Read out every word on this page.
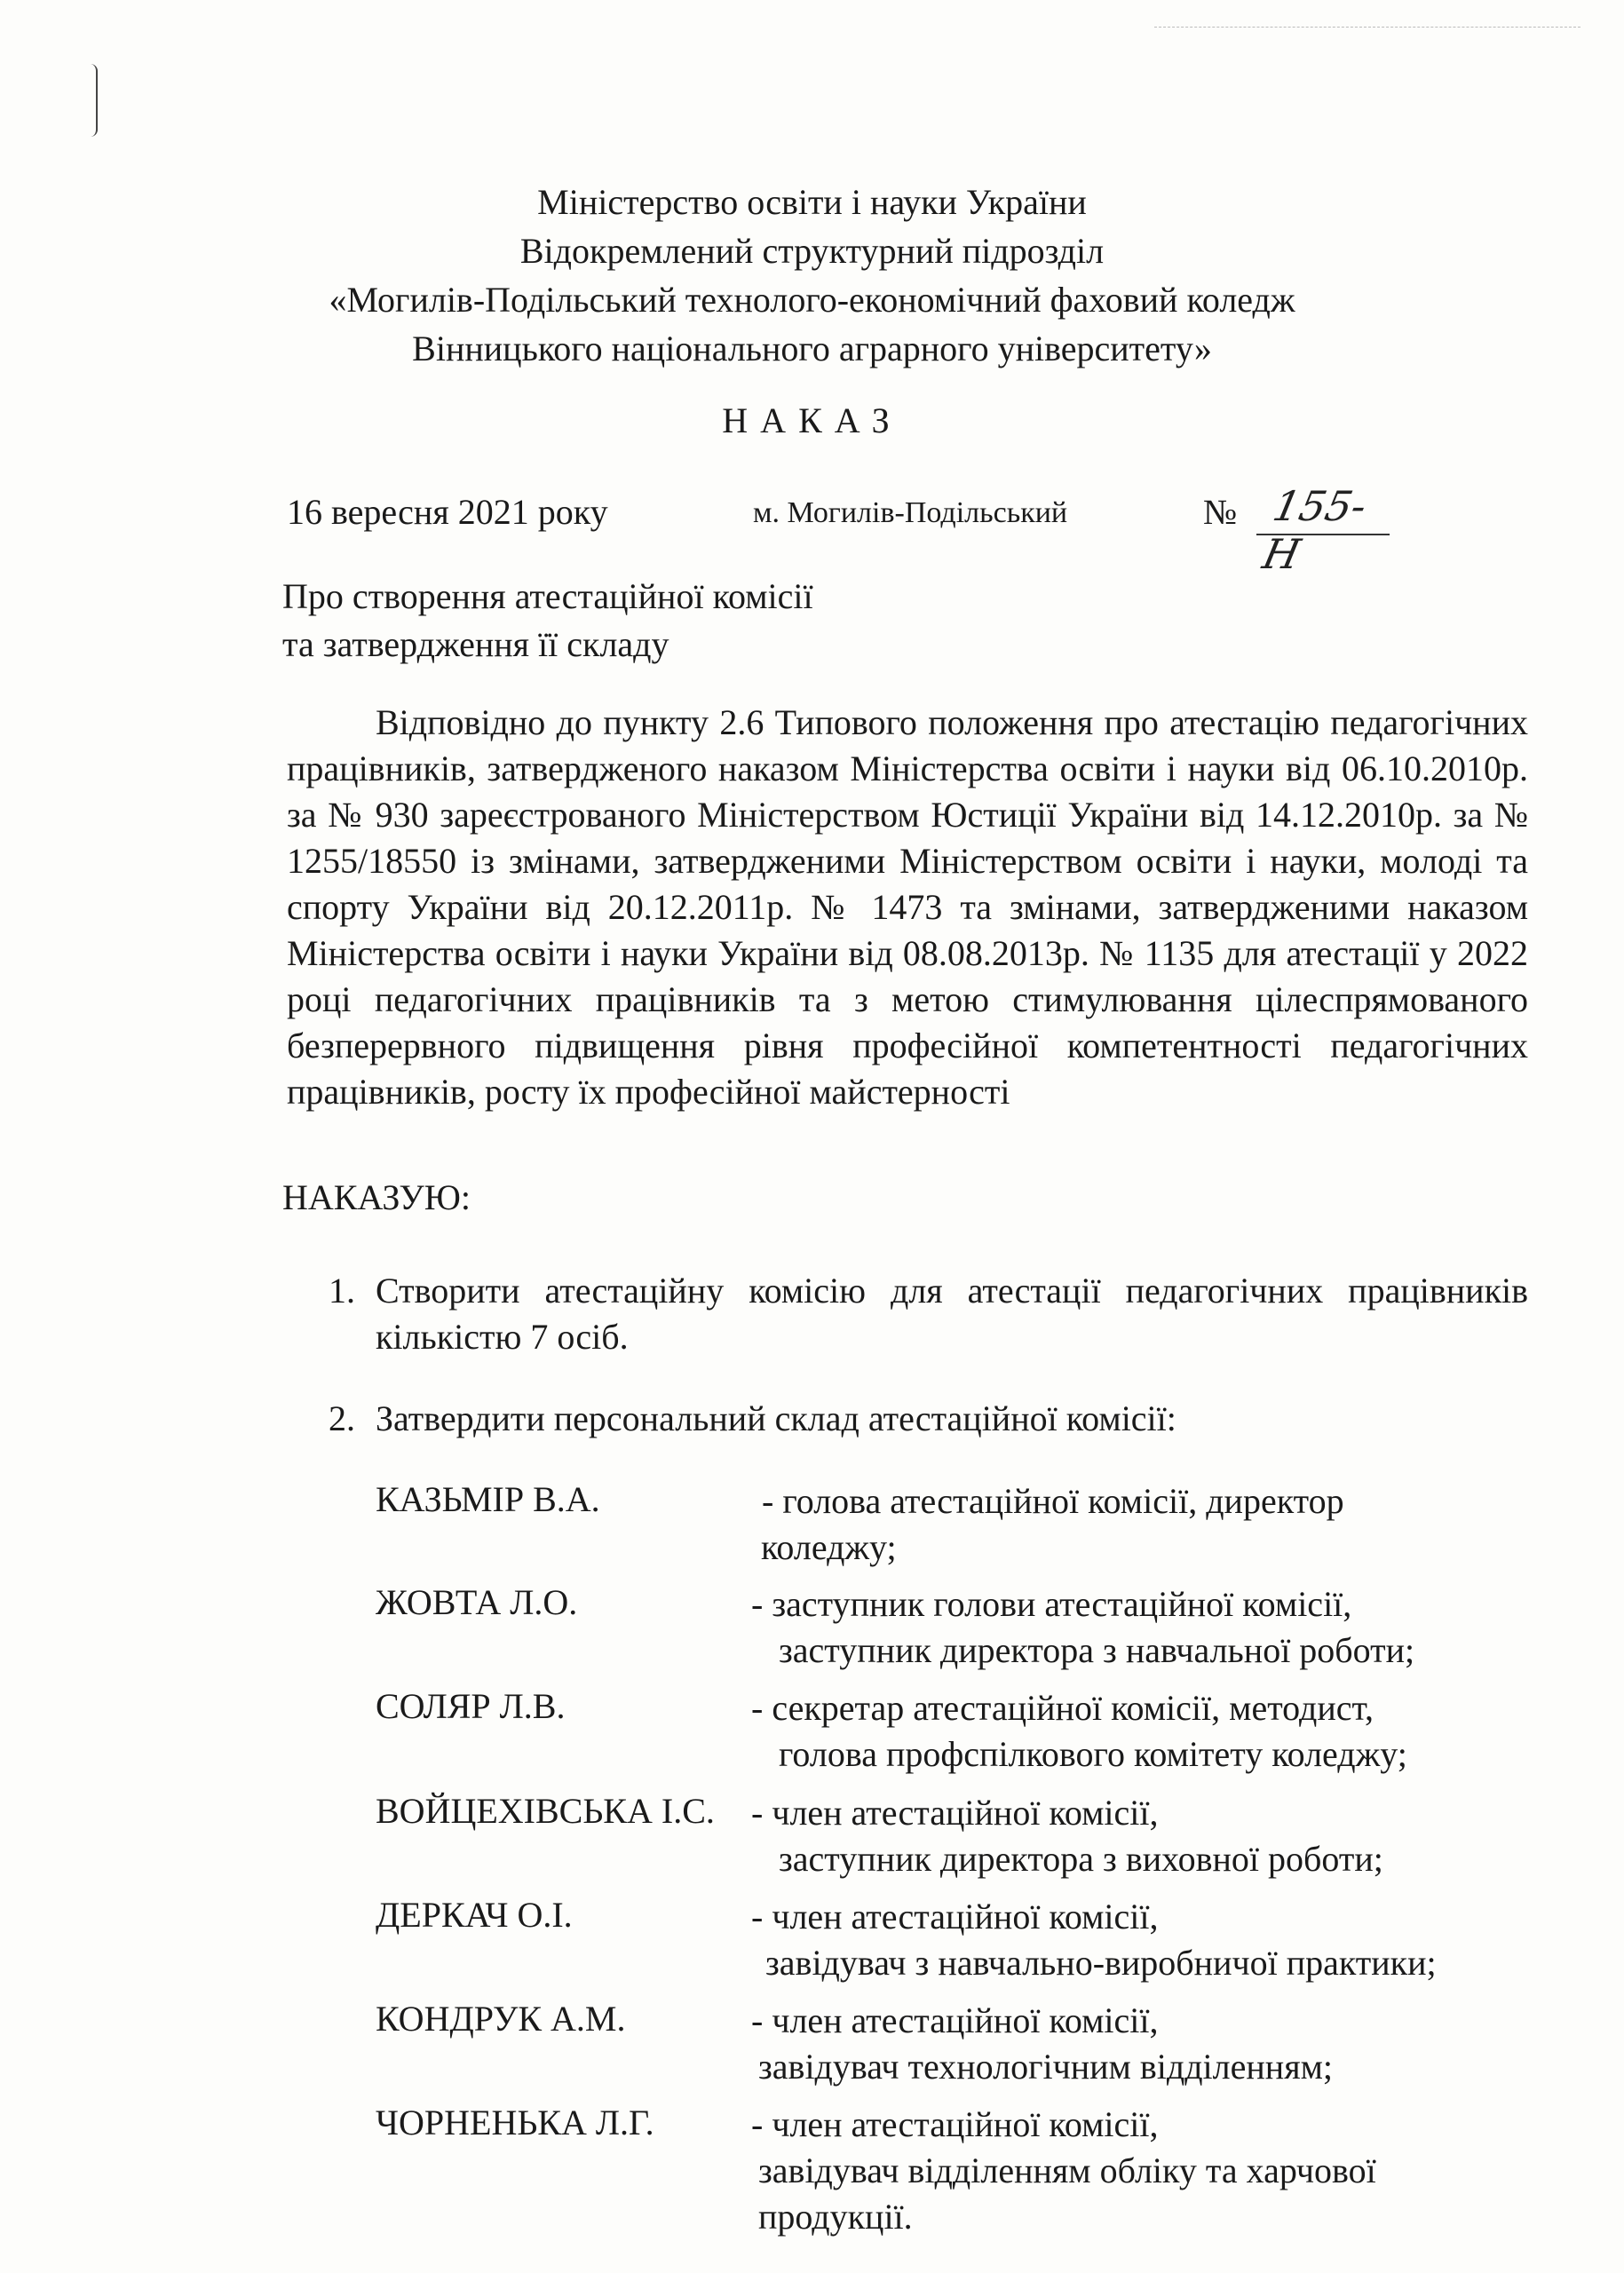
Міністерство освіти і науки України
Відокремлений структурний підрозділ
«Могилів-Подільський технолого-економічний фаховий коледж
Вінницького національного аграрного університету»
НАКАЗ
16 вересня 2021 року	м. Могилів-Подільський	№ 155-Н
Про створення атестаційної комісії
та затвердження її складу
Відповідно до пункту 2.6 Типового положення про атестацію педагогічних працівників, затвердженого наказом Міністерства освіти і науки від 06.10.2010р. за № 930 зареєстрованого Міністерством Юстиції України від 14.12.2010р. за № 1255/18550 із змінами, затвердженими Міністерством освіти і науки, молоді та спорту України від 20.12.2011р. № 1473 та змінами, затвердженими наказом Міністерства освіти і науки України від 08.08.2013р. № 1135 для атестації у 2022 році педагогічних працівників та з метою стимулювання цілеспрямованого безперервного підвищення рівня професійної компетентності педагогічних працівників, росту їх професійної майстерності
НАКАЗУЮ:
1. Створити атестаційну комісію для атестації педагогічних працівників кількістю 7 осіб.
2. Затвердити персональний склад атестаційної комісії:
КАЗЬМІР В.А.	- голова атестаційної комісії, директор
коледжу;
ЖОВТА Л.О.	- заступник голови атестаційної комісії,
заступник директора з навчальної роботи;
СОЛЯР Л.В.	- секретар атестаційної комісії, методист,
голова профспілкового комітету коледжу;
ВОЙЦЕХІВСЬКА І.С. - член атестаційної комісії,
заступник директора з виховної роботи;
ДЕРКАЧ О.І.	- член атестаційної комісії,
завідувач з навчально-виробничої практики;
КОНДРУК А.М.	- член атестаційної комісії,
завідувач технологічним відділенням;
ЧОРНЕНЬКА Л.Г.	- член атестаційної комісії,
завідувач відділенням обліку та харчової
продукції.
